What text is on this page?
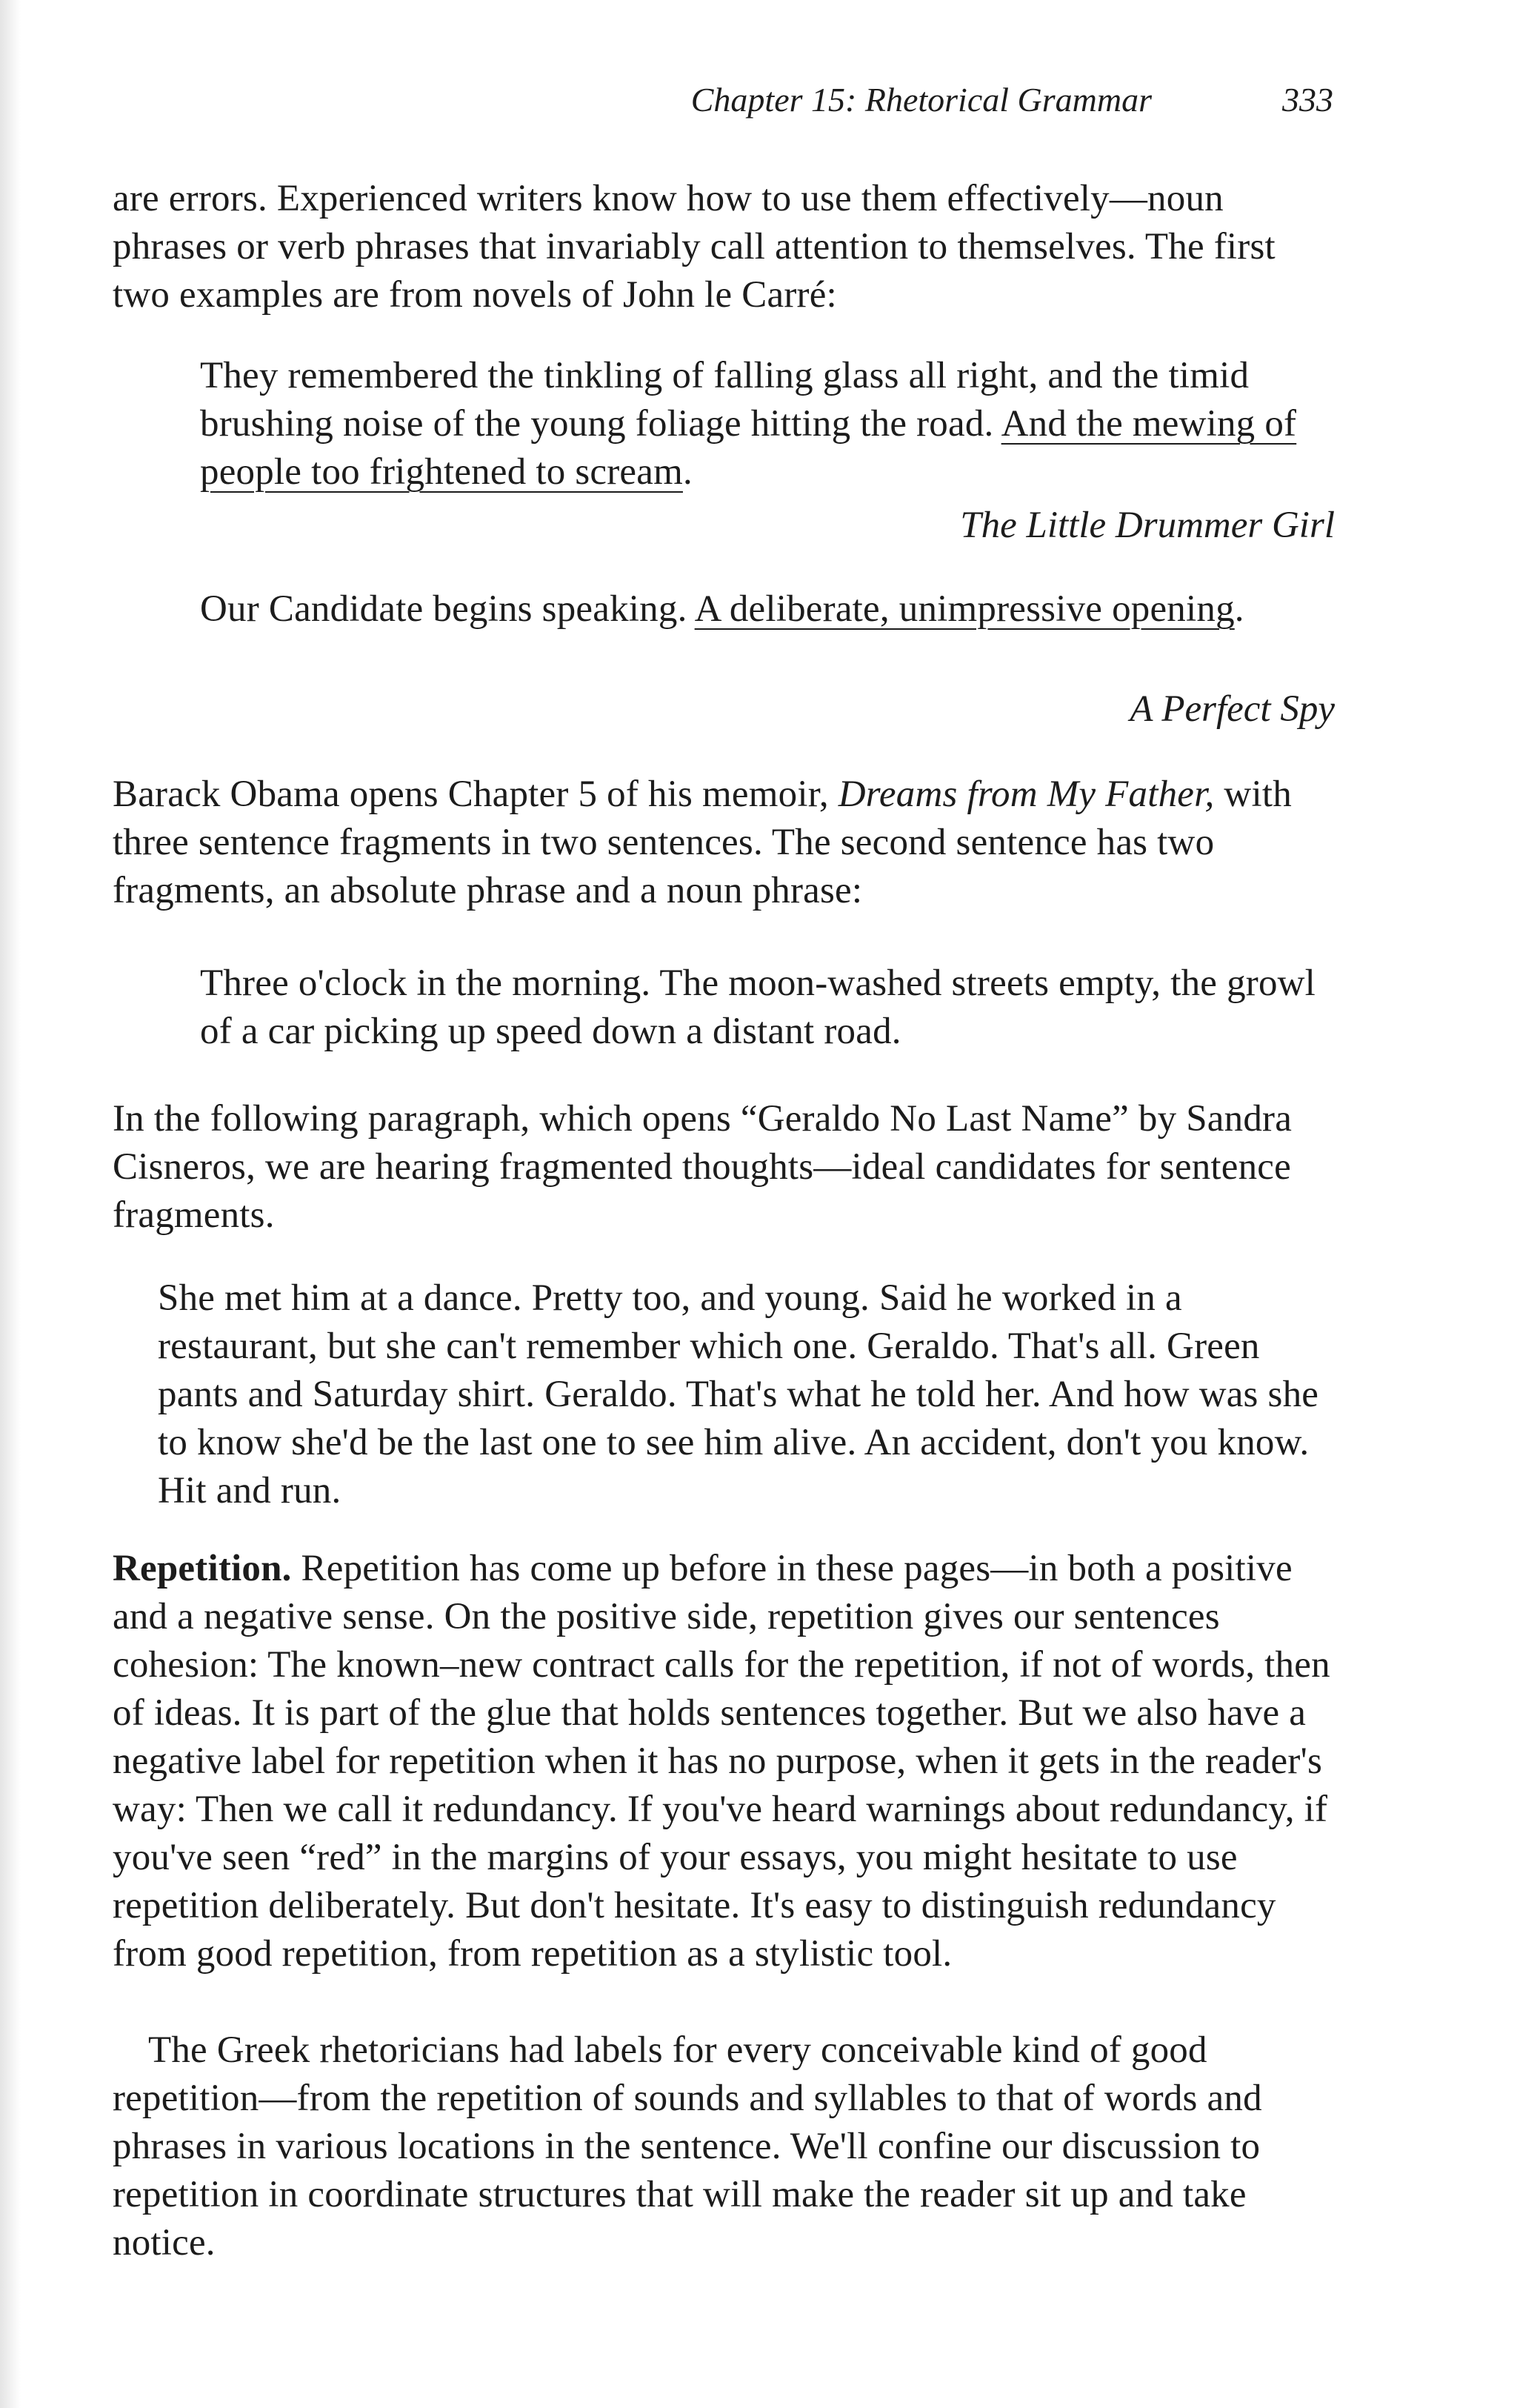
Chapter 15: Rhetorical Grammar	333
are errors. Experienced writers know how to use them effectively—noun phrases or verb phrases that invariably call attention to themselves. The first two examples are from novels of John le Carré:
They remembered the tinkling of falling glass all right, and the timid brushing noise of the young foliage hitting the road. And the mewing of people too frightened to scream.
The Little Drummer Girl
Our Candidate begins speaking. A deliberate, unimpressive opening.
A Perfect Spy
Barack Obama opens Chapter 5 of his memoir, Dreams from My Father, with three sentence fragments in two sentences. The second sentence has two fragments, an absolute phrase and a noun phrase:
Three o'clock in the morning. The moon-washed streets empty, the growl of a car picking up speed down a distant road.
In the following paragraph, which opens “Geraldo No Last Name” by Sandra Cisneros, we are hearing fragmented thoughts—ideal candidates for sentence fragments.
She met him at a dance. Pretty too, and young. Said he worked in a restaurant, but she can't remember which one. Geraldo. That's all. Green pants and Saturday shirt. Geraldo. That's what he told her. And how was she to know she'd be the last one to see him alive. An accident, don't you know. Hit and run.
Repetition. Repetition has come up before in these pages—in both a positive and a negative sense. On the positive side, repetition gives our sentences cohesion: The known–new contract calls for the repetition, if not of words, then of ideas. It is part of the glue that holds sentences together. But we also have a negative label for repetition when it has no purpose, when it gets in the reader's way: Then we call it redundancy. If you've heard warnings about redundancy, if you've seen “red” in the margins of your essays, you might hesitate to use repetition deliberately. But don't hesitate. It's easy to distinguish redundancy from good repetition, from repetition as a stylistic tool.
The Greek rhetoricians had labels for every conceivable kind of good repetition—from the repetition of sounds and syllables to that of words and phrases in various locations in the sentence. We'll confine our discussion to repetition in coordinate structures that will make the reader sit up and take notice.
